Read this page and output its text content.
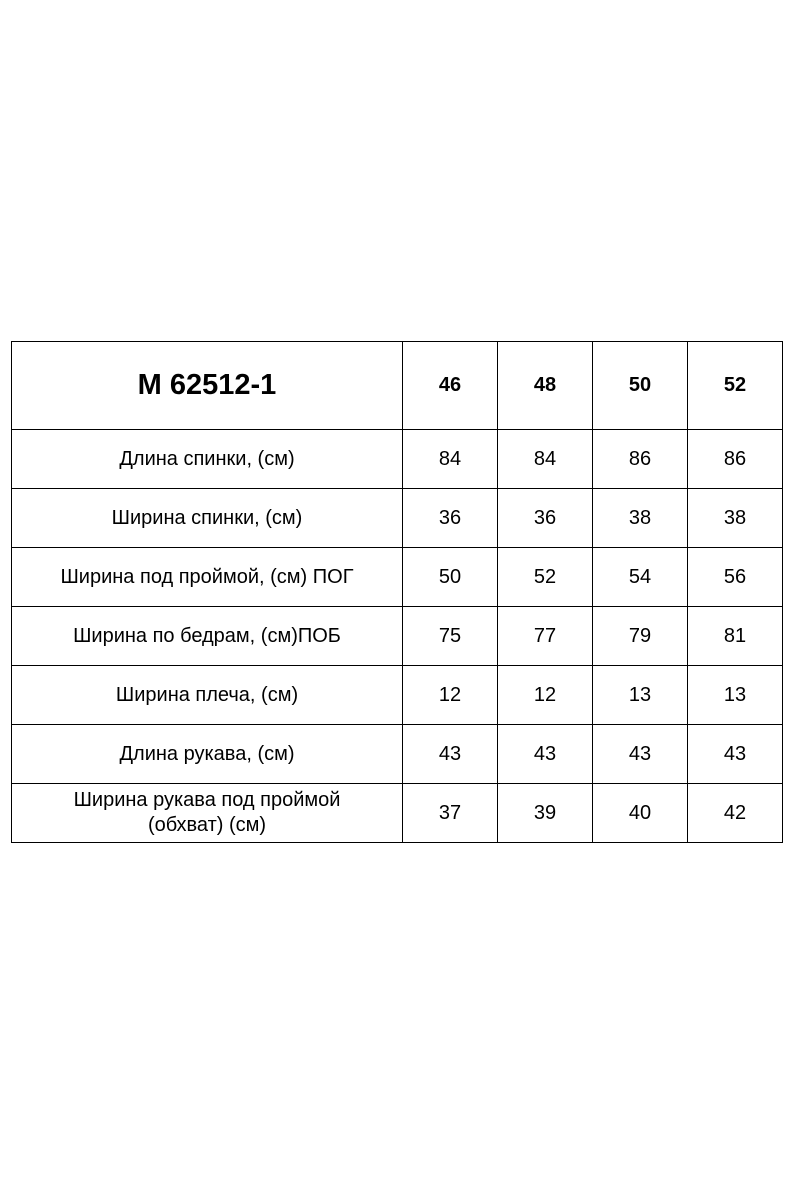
М 62512-1	46	48	50	52
Длина спинки, (см)	84	84	86	86
Ширина спинки, (см)	36	36	38	38
Ширина под проймой, (см) ПОГ	50	52	54	56
Ширина по бедрам, (см)ПОБ	75	77	79	81
Ширина плеча, (см)	12	12	13	13
Длина рукава, (см)	43	43	43	43
Ширина рукава под проймой (обхват) (см)	37	39	40	42
